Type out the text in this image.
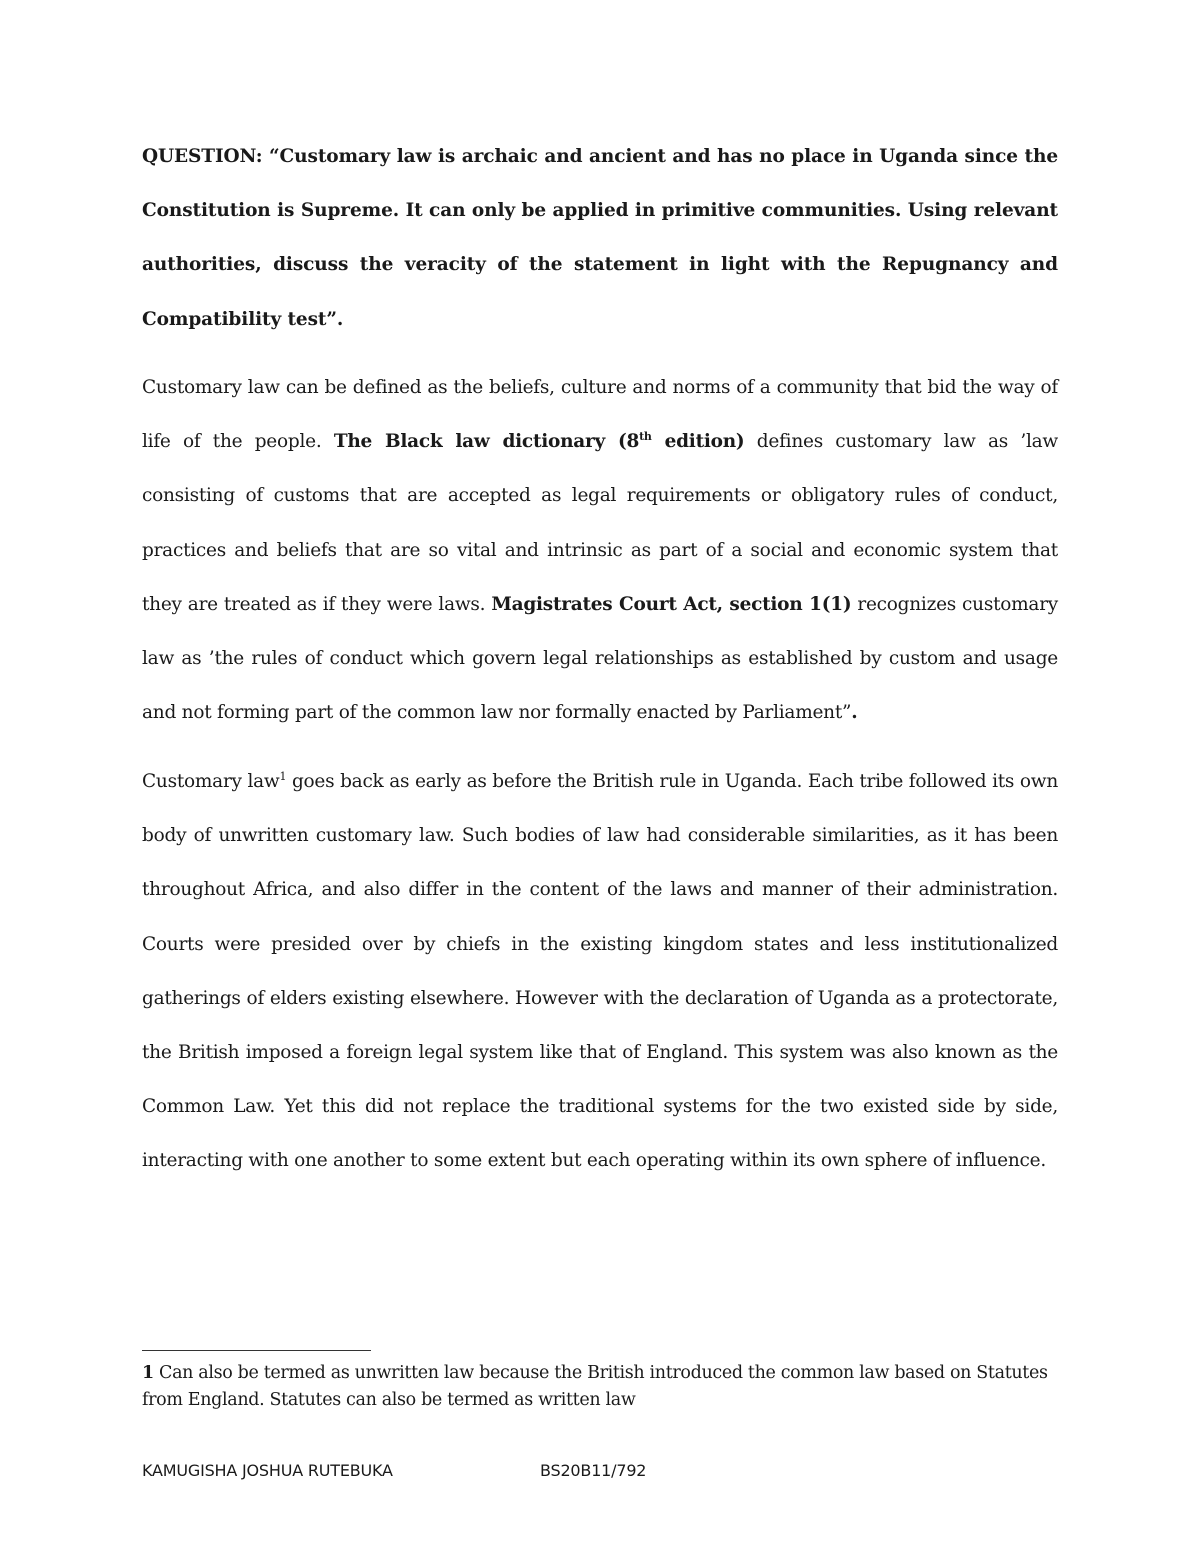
QUESTION: “Customary law is archaic and ancient and has no place in Uganda since the Constitution is Supreme. It can only be applied in primitive communities. Using relevant authorities, discuss the veracity of the statement in light with the Repugnancy and Compatibility test”.

Customary law can be defined as the beliefs, culture and norms of a community that bid the way of life of the people. The Black law dictionary (8th edition) defines customary law as ’law consisting of customs that are accepted as legal requirements or obligatory rules of conduct, practices and beliefs that are so vital and intrinsic as part of a social and economic system that they are treated as if they were laws. Magistrates Court Act, section 1(1) recognizes customary law as ’the rules of conduct which govern legal relationships as established by custom and usage and not forming part of the common law nor formally enacted by Parliament”.

Customary law$^1$ goes back as early as before the British rule in Uganda. Each tribe followed its own body of unwritten customary law. Such bodies of law had considerable similarities, as it has been throughout Africa, and also differ in the content of the laws and manner of their administration. Courts were presided over by chiefs in the existing kingdom states and less institutionalized gatherings of elders existing elsewhere. However with the declaration of Uganda as a protectorate, the British imposed a foreign legal system like that of England. This system was also known as the Common Law. Yet this did not replace the traditional systems for the two existed side by side, interacting with one another to some extent but each operating within its own sphere of influence.

1 Can also be termed as unwritten law because the British introduced the common law based on Statutes from England. Statutes can also be termed as written law

KAMUGISHA JOSHUA RUTEBUKA	BS20B11/792
